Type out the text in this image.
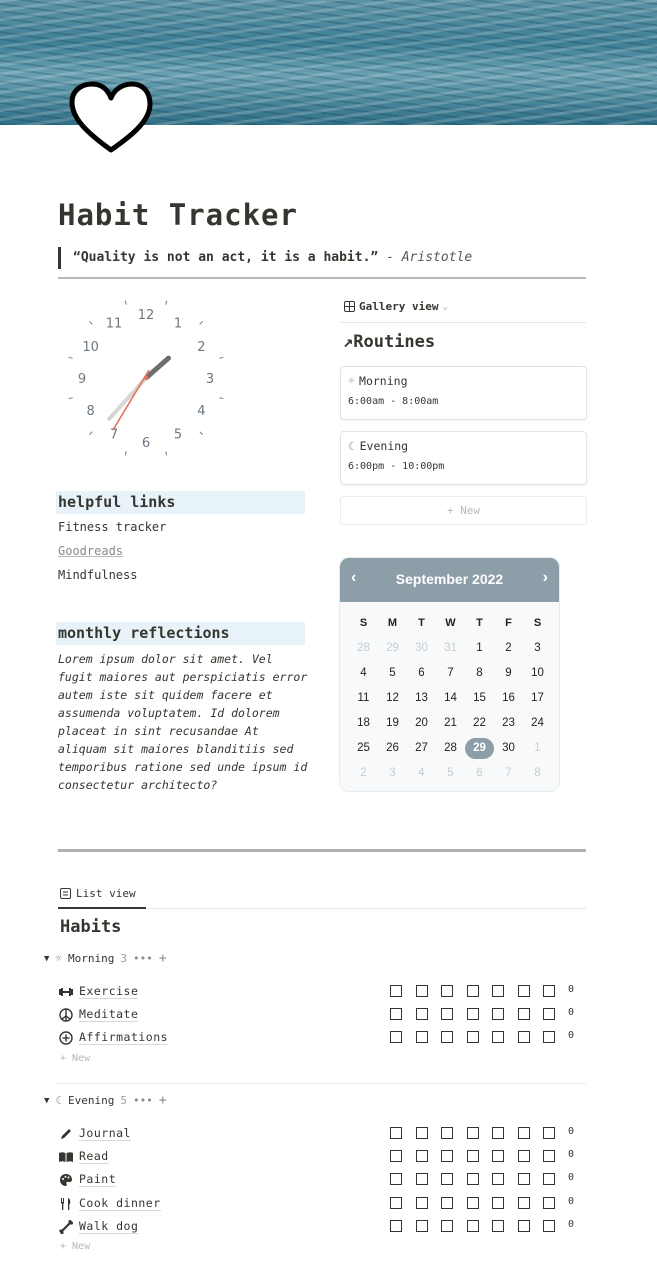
Habit Tracker
“Quality is not an act, it is a habit.” - Aristotle
12
1
2
3
4
5
6
7
8
9
10
11
helpful links
Fitness tracker
Goodreads
Mindfulness
monthly reflections
Lorem ipsum dolor sit amet. Vel fugit maiores aut perspiciatis error autem iste sit quidem facere et assumenda voluptatem. Id dolorem placeat in sint recusandae At aliquam sit maiores blanditiis sed temporibus ratione sed unde ipsum id consectetur architecto?
Gallery view ⌄
↗Routines
☼ Morning
6:00am - 8:00am
☾ Evening
6:00pm - 10:00pm
+ New
‹	September 2022	›
S	M	T	W	T	F	S
28	29	30	31	1	2	3
4	5	6	7	8	9	10
11	12	13	14	15	16	17
18	19	20	21	22	23	24
25	26	27	28	29	30	1
2	3	4	5	6	7	8
List view
Habits
▼ ☼ Morning 3 ••• +
Exercise	0
Meditate	0
Affirmations	0
+ New
▼ ☾ Evening 5 ••• +
Journal	0
Read	0
Paint	0
Cook dinner	0
Walk dog	0
+ New
